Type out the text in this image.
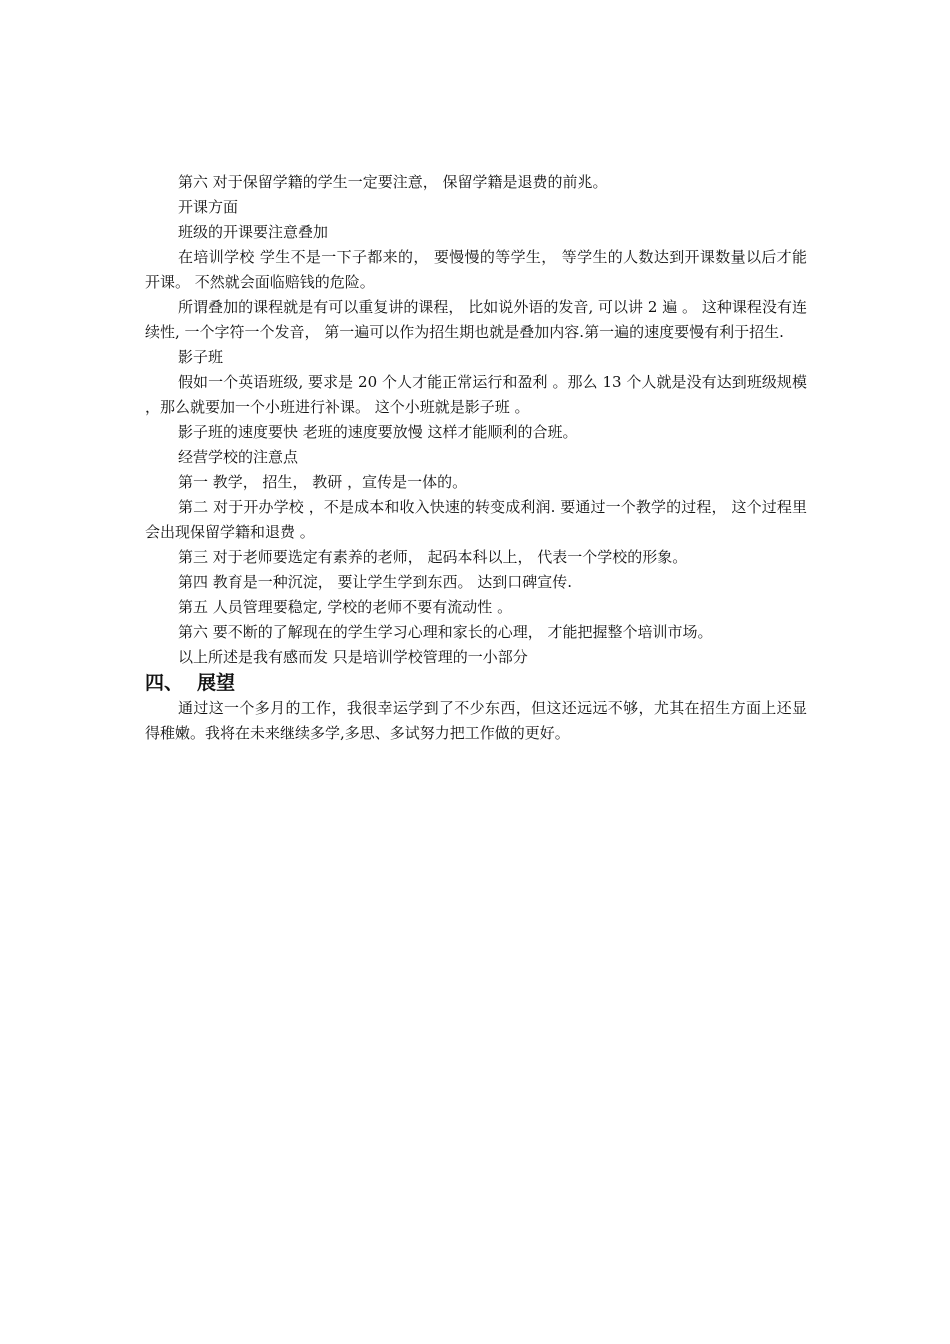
第六 对于保留学籍的学生一定要注意， 保留学籍是退费的前兆。

开课方面

班级的开课要注意叠加

在培训学校 学生不是一下子都来的， 要慢慢的等学生， 等学生的人数达到开课数量以后才能开课。 不然就会面临赔钱的危险。

所谓叠加的课程就是有可以重复讲的课程， 比如说外语的发音, 可以讲 2 遍 。 这种课程没有连续性, 一个字符一个发音， 第一遍可以作为招生期也就是叠加内容.第一遍的速度要慢有利于招生.

影子班

假如一个英语班级, 要求是 20 个人才能正常运行和盈利 。那么 13 个人就是没有达到班级规模 ，那么就要加一个小班进行补课。 这个小班就是影子班 。

影子班的速度要快 老班的速度要放慢 这样才能顺利的合班。

经营学校的注意点

第一 教学， 招生， 教研 ，宣传是一体的。

第二 对于开办学校 ，不是成本和收入快速的转变成利润. 要通过一个教学的过程， 这个过程里会出现保留学籍和退费 。

第三 对于老师要选定有素养的老师， 起码本科以上， 代表一个学校的形象。

第四 教育是一种沉淀， 要让学生学到东西。 达到口碑宣传.

第五 人员管理要稳定, 学校的老师不要有流动性 。

第六 要不断的了解现在的学生学习心理和家长的心理， 才能把握整个培训市场。

以上所述是我有感而发 只是培训学校管理的一小部分

四、 展望

通过这一个多月的工作，我很幸运学到了不少东西，但这还远远不够，尤其在招生方面上还显得稚嫩。我将在未来继续多学,多思、多试努力把工作做的更好。
